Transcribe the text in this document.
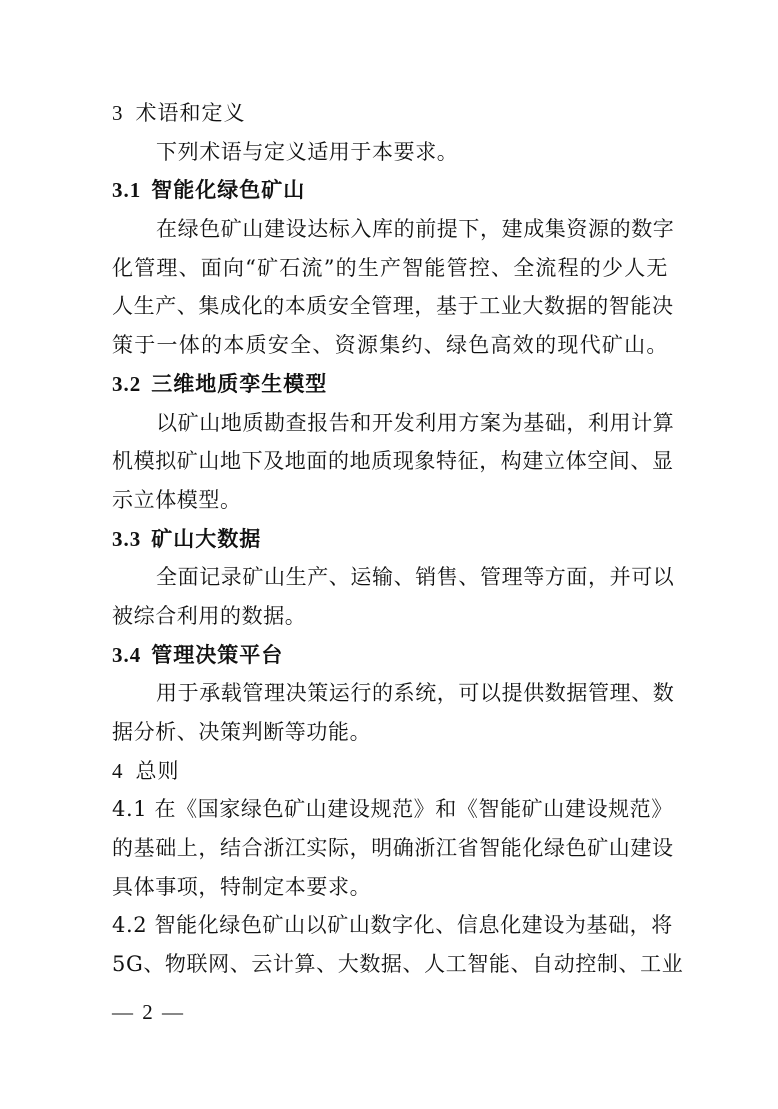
3 术语和定义
下列术语与定义适用于本要求。
3.1 智能化绿色矿山
在绿色矿山建设达标入库的前提下，建成集资源的数字
化管理、面向“矿石流”的生产智能管控、全流程的少人无
人生产、集成化的本质安全管理，基于工业大数据的智能决
策于一体的本质安全、资源集约、绿色高效的现代矿山。
3.2 三维地质孪生模型
以矿山地质勘查报告和开发利用方案为基础，利用计算
机模拟矿山地下及地面的地质现象特征，构建立体空间、显
示立体模型。
3.3 矿山大数据
全面记录矿山生产、运输、销售、管理等方面，并可以
被综合利用的数据。
3.4 管理决策平台
用于承载管理决策运行的系统，可以提供数据管理、数
据分析、决策判断等功能。
4 总则
4.1 在《国家绿色矿山建设规范》和《智能矿山建设规范》
的基础上，结合浙江实际，明确浙江省智能化绿色矿山建设
具体事项，特制定本要求。
4.2 智能化绿色矿山以矿山数字化、信息化建设为基础，将
5G、物联网、云计算、大数据、人工智能、自动控制、工业
— 2 —
